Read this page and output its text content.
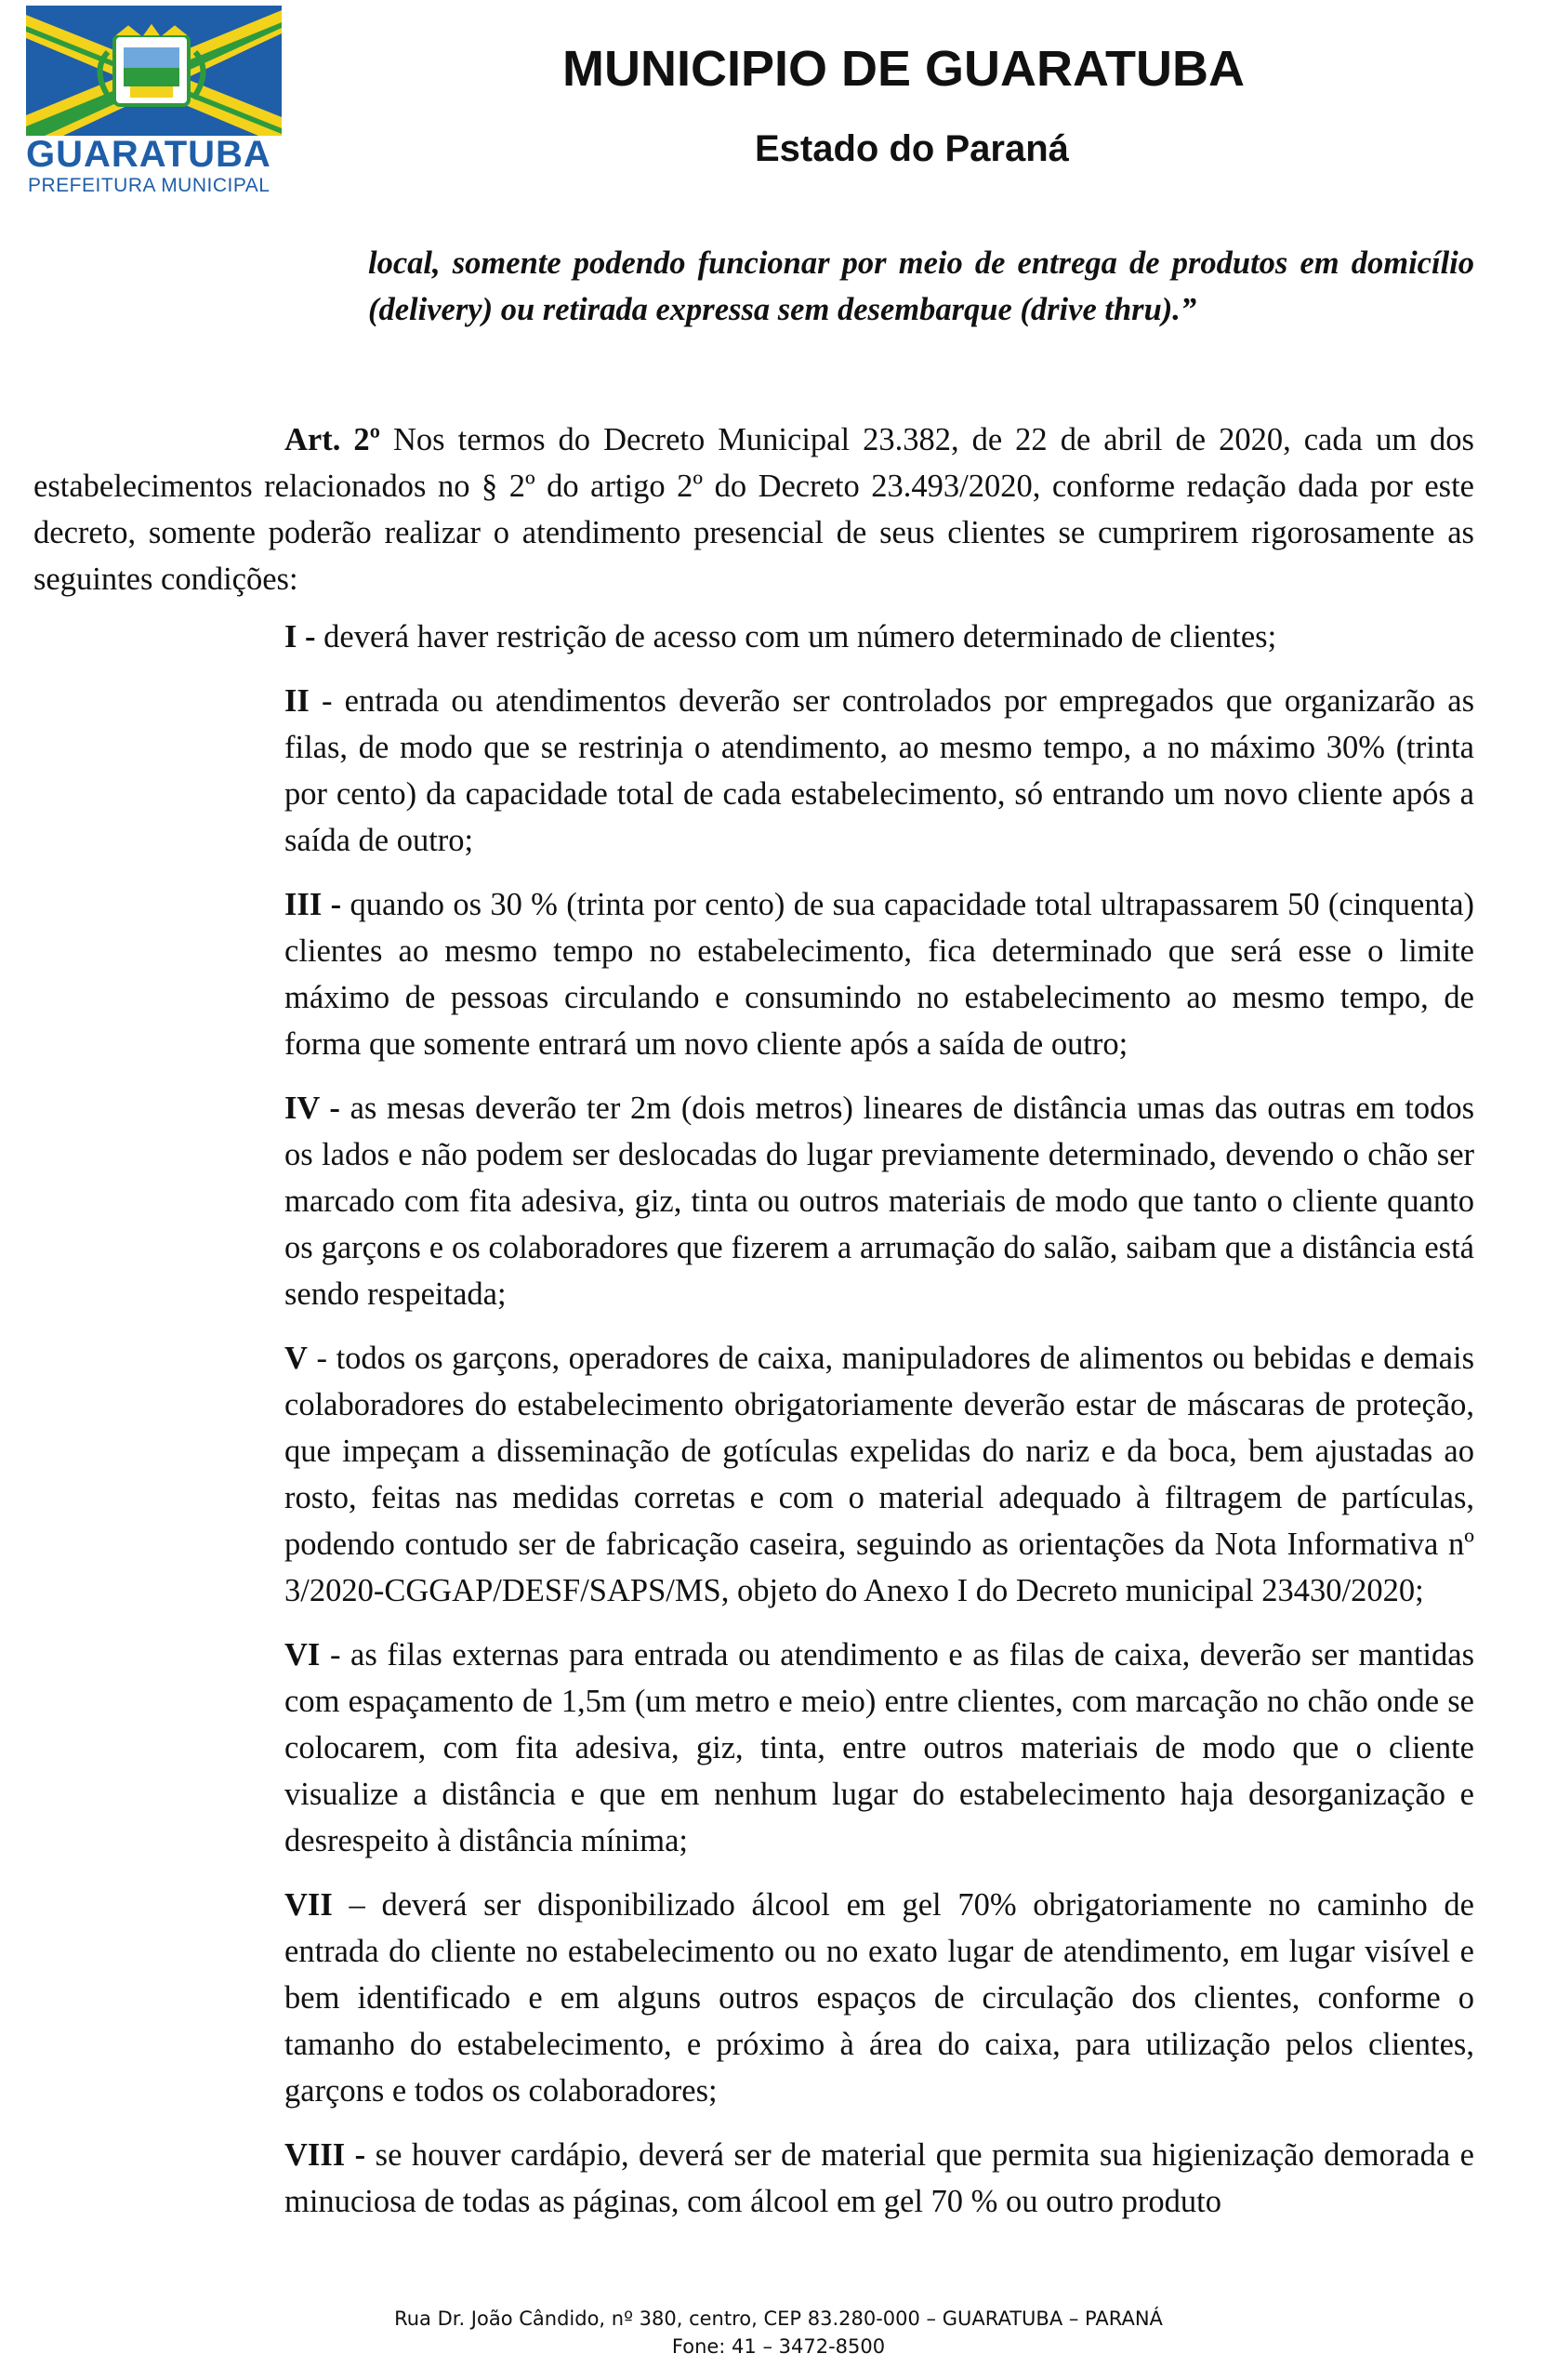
GUARATUBA
PREFEITURA MUNICIPAL
MUNICIPIO DE GUARATUBA
Estado do Paraná
local, somente podendo funcionar por meio de entrega de produtos em domicílio (delivery) ou retirada expressa sem desembarque (drive thru).”
Art. 2º Nos termos do Decreto Municipal 23.382, de 22 de abril de 2020, cada um dos estabelecimentos relacionados no § 2º do artigo 2º do Decreto 23.493/2020, conforme redação dada por este decreto, somente poderão realizar o atendimento presencial de seus clientes se cumprirem rigorosamente as seguintes condições:

I - deverá haver restrição de acesso com um número determinado de clientes;

II - entrada ou atendimentos deverão ser controlados por empregados que organizarão as filas, de modo que se restrinja o atendimento, ao mesmo tempo, a no máximo 30% (trinta por cento) da capacidade total de cada estabelecimento, só entrando um novo cliente após a saída de outro;

III - quando os 30 % (trinta por cento) de sua capacidade total ultrapassarem 50 (cinquenta) clientes ao mesmo tempo no estabelecimento, fica determinado que será esse o limite máximo de pessoas circulando e consumindo no estabelecimento ao mesmo tempo, de forma que somente entrará um novo cliente após a saída de outro;

IV - as mesas deverão ter 2m (dois metros) lineares de distância umas das outras em todos os lados e não podem ser deslocadas do lugar previamente determinado, devendo o chão ser marcado com fita adesiva, giz, tinta ou outros materiais de modo que tanto o cliente quanto os garçons e os colaboradores que fizerem a arrumação do salão, saibam que a distância está sendo respeitada;

V - todos os garçons, operadores de caixa, manipuladores de alimentos ou bebidas e demais colaboradores do estabelecimento obrigatoriamente deverão estar de máscaras de proteção, que impeçam a disseminação de gotículas expelidas do nariz e da boca, bem ajustadas ao rosto, feitas nas medidas corretas e com o material adequado à filtragem de partículas, podendo contudo ser de fabricação caseira, seguindo as orientações da Nota Informativa nº 3/2020-CGGAP/DESF/SAPS/MS, objeto do Anexo I do Decreto municipal 23430/2020;

VI - as filas externas para entrada ou atendimento e as filas de caixa, deverão ser mantidas com espaçamento de 1,5m (um metro e meio) entre clientes, com marcação no chão onde se colocarem, com fita adesiva, giz, tinta, entre outros materiais de modo que o cliente visualize a distância e que em nenhum lugar do estabelecimento haja desorganização e desrespeito à distância mínima;

VII – deverá ser disponibilizado álcool em gel 70% obrigatoriamente no caminho de entrada do cliente no estabelecimento ou no exato lugar de atendimento, em lugar visível e bem identificado e em alguns outros espaços de circulação dos clientes, conforme o tamanho do estabelecimento, e próximo à área do caixa, para utilização pelos clientes, garçons e todos os colaboradores;

VIII - se houver cardápio, deverá ser de material que permita sua higienização demorada e minuciosa de todas as páginas, com álcool em gel 70 % ou outro produto

Rua Dr. João Cândido, nº 380, centro, CEP 83.280-000 – GUARATUBA – PARANÁ
Fone: 41 – 3472-8500
